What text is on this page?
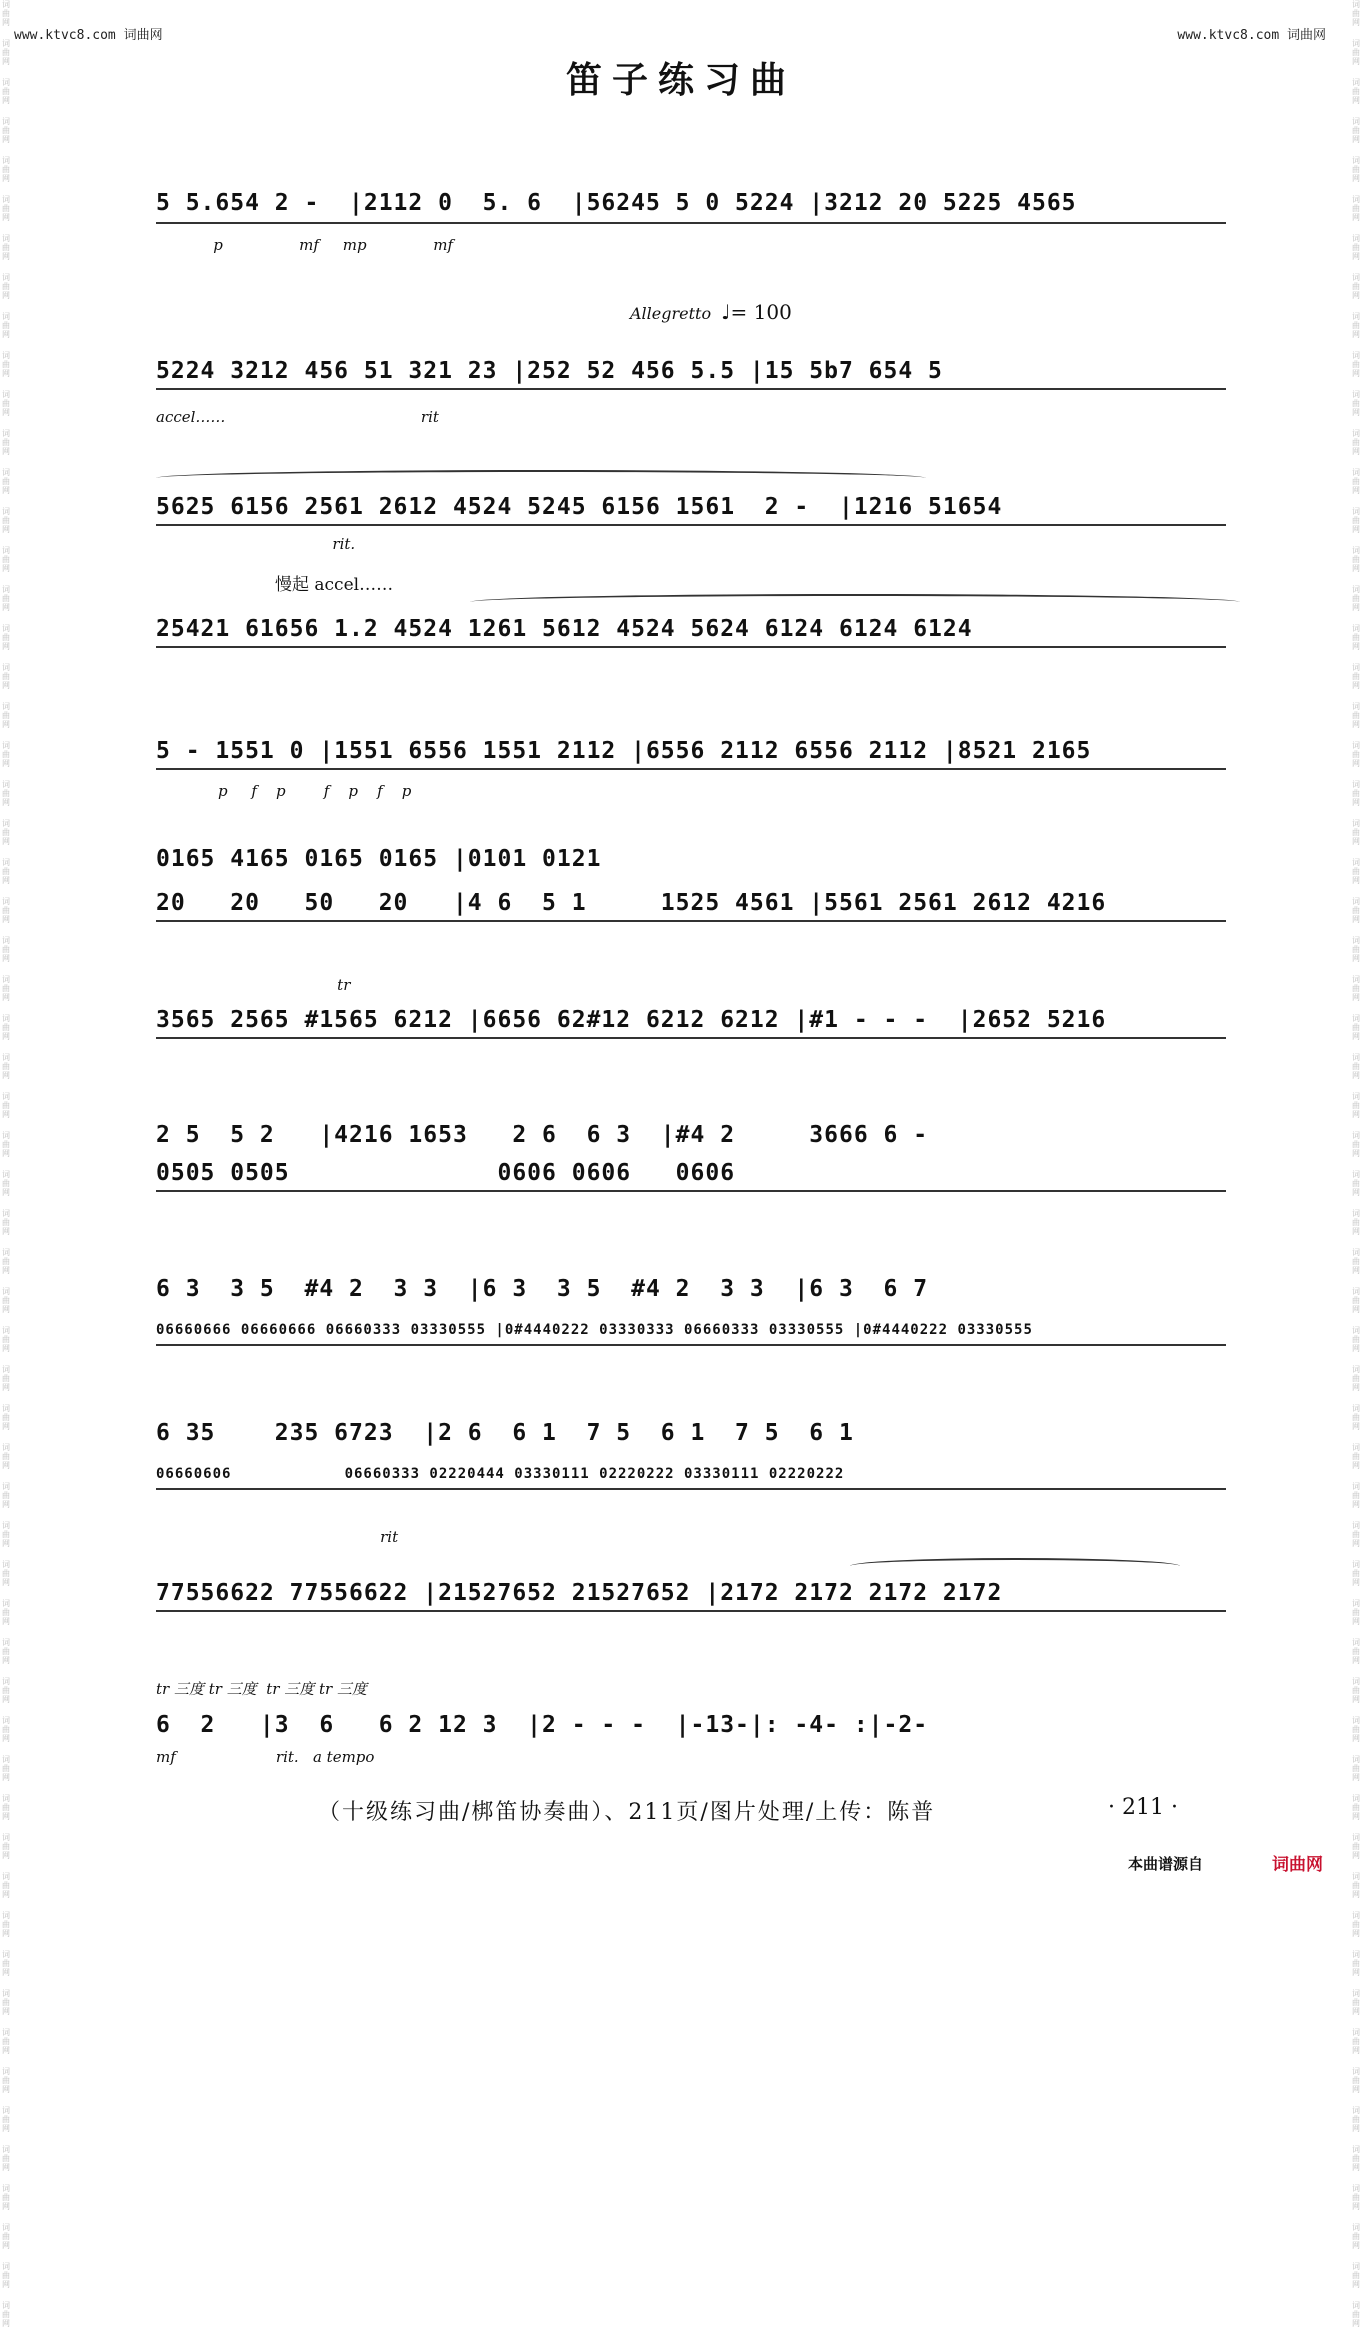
www.ktvc8.com 词曲网	www.ktvc8.com 词曲网
词曲网
词曲网
词曲网
词曲网
词曲网
词曲网
词曲网
词曲网
词曲网
词曲网
词曲网
词曲网
词曲网
词曲网
词曲网
词曲网
词曲网
词曲网
词曲网
词曲网
词曲网
词曲网
词曲网
词曲网
词曲网
词曲网
词曲网
词曲网
词曲网
词曲网
词曲网
词曲网
词曲网
词曲网
词曲网
词曲网
词曲网
词曲网
词曲网
词曲网
词曲网
词曲网
词曲网
词曲网
词曲网
词曲网
词曲网
词曲网
词曲网
词曲网
词曲网
词曲网
词曲网
词曲网
词曲网
词曲网
词曲网
词曲网
词曲网
词曲网
词曲网
词曲网
词曲网
词曲网
词曲网
词曲网
词曲网
词曲网
词曲网
词曲网
词曲网
词曲网
词曲网
词曲网
词曲网
词曲网
词曲网
词曲网
词曲网
词曲网
词曲网
词曲网
词曲网
词曲网
词曲网
词曲网
词曲网
词曲网
词曲网
词曲网
词曲网
词曲网
词曲网
词曲网
词曲网
词曲网
词曲网
词曲网
词曲网
词曲网
词曲网
词曲网
词曲网
词曲网
词曲网
词曲网
词曲网
词曲网
词曲网
词曲网
词曲网
词曲网
词曲网
词曲网
词曲网
词曲网
词曲网
词曲网
词曲网
词曲网
笛子练习曲
5 5.654 2 -  |2112 0  5. 6  |56245 5 0 5224 |3212 20 5225 4565
p                mf     mp              mf
Allegretto ♩= 100
5224 3212 456 51 321 23 |252 52 456 5.5 |15 5b7 654 5
accel……                                         rit
5625 6156 2561 2612 4524 5245 6156 1561  2 -  |1216 51654
rit.
慢起 accel……
25421 61656 1.2 4524 1261 5612 4524 5624 6124 6124 6124
5 - 1551 0 |1551 6556 1551 2112 |6556 2112 6556 2112 |8521 2165
p     f    p        f    p    f    p
0165 4165 0165 0165 |0101 0121
20   20   50   20   |4 6  5 1     1525 4561 |5561 2561 2612 4216
3565 2565 #1565 6212 |6656 62#12 6212 6212 |#1 - - -  |2652 5216
tr
2 5  5 2   |4216 1653   2 6  6 3  |#4 2     3666 6 -
0505 0505              0606 0606   0606
6 3  3 5  #4 2  3 3  |6 3  3 5  #4 2  3 3  |6 3  6 7
06660666 06660666 06660333 03330555 |0#4440222 03330333 06660333 03330555 |0#4440222 03330555
6 35    235 6723  |2 6  6 1  7 5  6 1  7 5  6 1
06660606            06660333 02220444 03330111 02220222 03330111 02220222
rit
77556622 77556622 |21527652 21527652 |2172 2172 2172 2172
tr 三度 tr 三度  tr 三度 tr 三度
6  2   |3  6   6 2 12 3  |2 - - -  |-13-|: -4- :|-2-
mf                     rit.   a tempo
（十级练习曲/梆笛协奏曲）、211页/图片处理/上传：陈普	· 211 ·
本曲谱源自	词曲网
